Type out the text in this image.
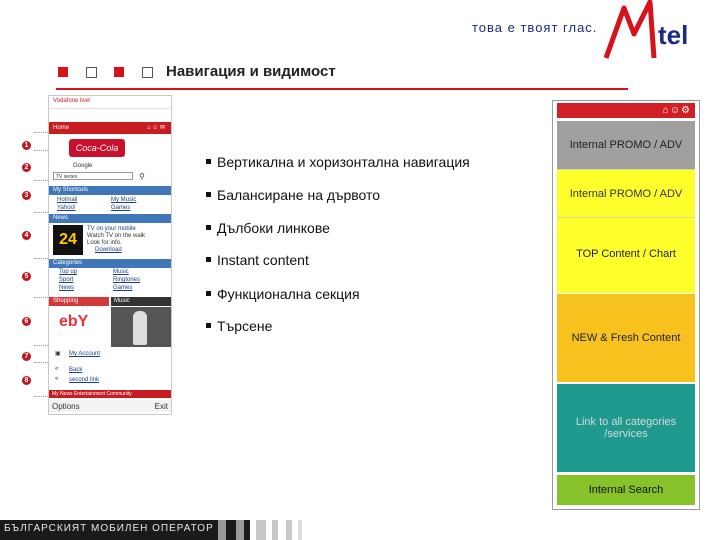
това е твоят глас. tel
Навигация и видимост
1
2
3
4
5
6
7
8
Vodafone live!
Home	⌂ ☺ ✉
Coca‑Cola
Google
TV series	⚲
My Shortcuts
Hotmail	My Music
Yahoo!	Games
News
24
TV on your mobile
Watch TV on the walk
Look for info.
Download
Categories
Top up	Music
Sport	Ringtones
News	Games
Shopping	Music
ebY
▣ My Account
« Back
« second link
My News Entertainment Community
Options	Exit
Вертикална и хоризонтална навигация
Балансиране на дървото
Дълбоки линкове
Instant content
Функционална секция
Търсене
⌂☺⚙
Internal PROMO / ADV
Internal PROMO / ADV
TOP Content / Chart
NEW & Fresh Content
Link to all categories /services
Internal Search
БЪЛГАРСКИЯТ МОБИЛЕН ОПЕРАТОР
